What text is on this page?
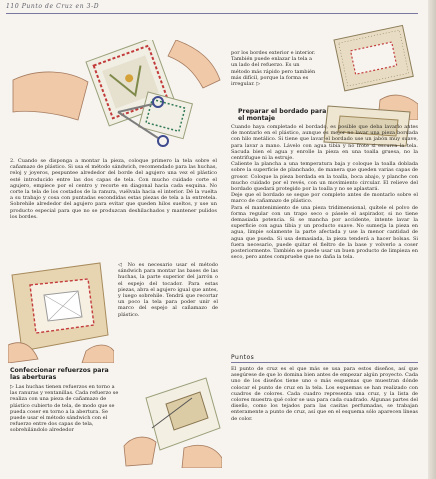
110 Punto de Cruz en 3-D
2. Cuando se disponga a montar la pieza, coloque primero la tela sobre el cañamazo de plástico. Si usa el método sándwich, recomendado para las huchas, reloj y joyeros, pespuntee alrededor del borde del agujero una vez el plástico esté introducido entre las dos capas de tela. Con mucho cuidado corte el agujero, empiece por el centro y recorte en diagonal hacia cada esquina. No corte la tela de los costados de la ranura, vuélvala hacia el interior. Dé la vuelta a su trabajo y cosa con puntadas escondidas estas piezas de tela a la entretela. Sobrehile alrededor del agujero para evitar que queden hilos sueltos, y use un producto especial para que no se produzcan deshilachados y mantener pulidos los bordes.
◁ No es necesario usar el método sándwich para montar las bases de las huchas, la parte superior del jarrón o el espejo del tocador. Para estas piezas, abra el agujero igual que antes, y luego sobrehile. Tendrá que recortar un poco la tela para poder unir el marco del espejo al cañamazo de plástico.
Confeccionar refuerzos para las aberturas
▷ Las huchas tienen refuerzos en torno a las ranuras y ventanillas. Cada refuerzo se realiza con una pieza de cañamazo de plástico cubierto de tela, de modo que se pueda coser en torno a la abertura. Se puede usar el método sándwich con el refuerzo entre dos capas de tela, sobrehilándolo alrededor
por los bordes exterior e interior. También puede enlazar la tela a un lado del refuerzo. Es un método más rápido pero también más difícil, porque la forma es irregular. ▷
Preparar el bordado para el montaje
Cuando haya completado el bordado, es posible que deba lavarlo antes de montarlo en el plástico, aunque es mejor no lavar una pieza bordada con hilo metálico. Si tiene que lavar el bordado use un jabón muy suave, para lavar a mano. Lávelo con agua tibia y no frote si escurra la tela. Sacuda bien el agua y enrolle la pieza en una toalla gruesa, no la centrifugue ni la estruje.
Caliente la plancha a una temperatura baja y coloque la toalla doblada sobre la superficie de planchado, de manera que queden varias capas de grosor. Coloque la pieza bordada en la toalla, boca abajo, y planche con mucho cuidado por el revés, con un movimiento circular. El relieve del bordado quedará protegido por la toalla y no se aplastará.
Deje que el bordado se seque por completo antes de montarlo sobre el marco de cañamazo de plástico.
Para el mantenimiento de una pieza tridimensional, quítele el polvo de forma regular con un trapo seco o pásele el aspirador, si no tiene demasiada potencia. Si se mancha por accidente, intente lavar la superficie con agua tibia y un producto suave. No sumerja la pieza en agua, limpie solamente la parte afectada y use la menor cantidad de agua que pueda. Si usa demasiada, la pieza tenderá a hacer bolsas. Si fuera necesario, puede quitar el fieltro de la base y volverlo a coser posteriormente. También se puede usar un buen producto de limpieza en seco, pero antes compruebe que no daña la tela.
Puntos
El punto de cruz es el que más se usa para estos diseños, así que asegúrese de que lo domina bien antes de empezar algún proyecto. Cada uno de los diseños tiene uno o más esquemas que muestran dónde colocar el punto de cruz en la tela. Los esquemas se han realizado con cuadros de colores. Cada cuadro representa una cruz, y la lista de colores muestra qué color se usa para cada cuadrado. Algunas partes del diseño, como los tejados para las casitas perfumadas, se trabajan enteramente a punto de cruz, así que en el esquema sólo aparecen líneas de color.
